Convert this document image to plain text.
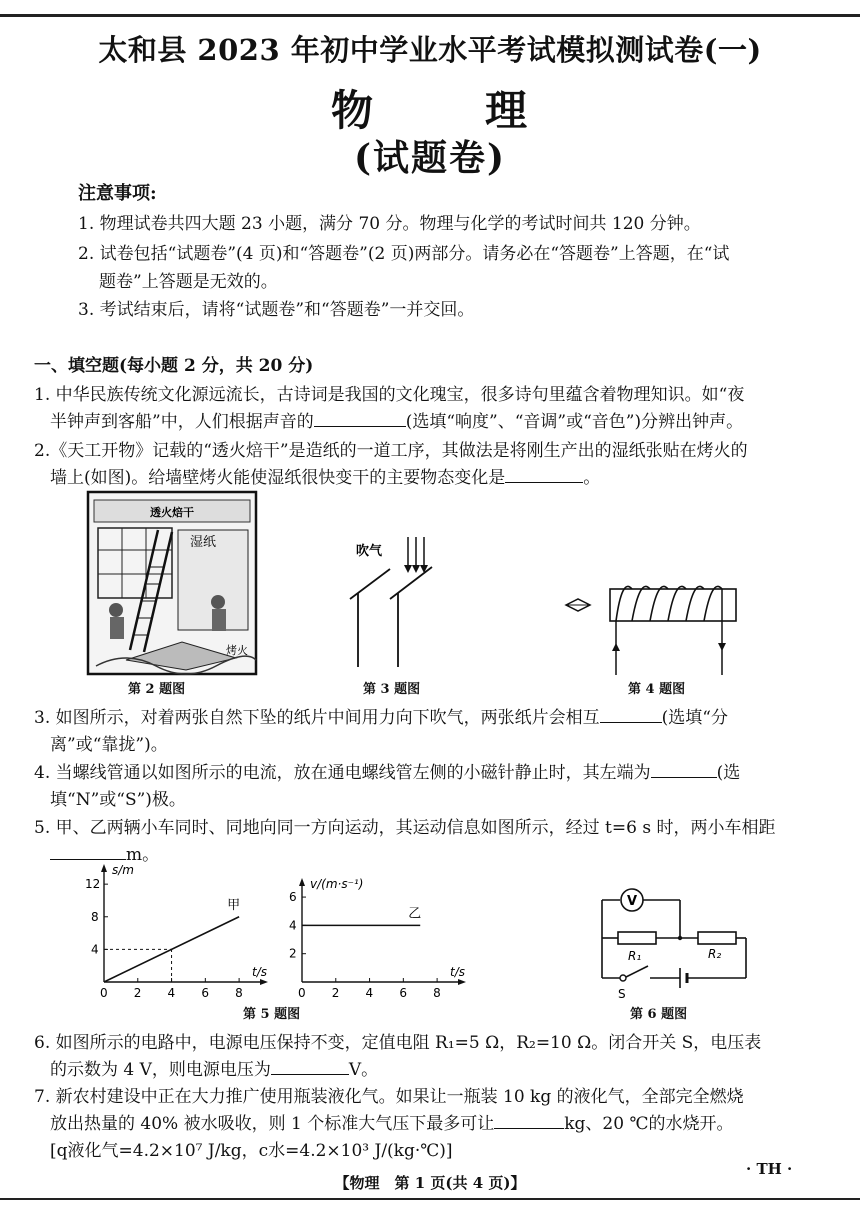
太和县 2023 年初中学业水平考试模拟测试卷(一)
物	理
(试题卷)
注意事项:
1. 物理试卷共四大题 23 小题，满分 70 分。物理与化学的考试时间共 120 分钟。
2. 试卷包括“试题卷”(4 页)和“答题卷”(2 页)两部分。请务必在“答题卷”上答题，在“试
题卷”上答题是无效的。
3. 考试结束后，请将“试题卷”和“答题卷”一并交回。
一、填空题(每小题 2 分，共 20 分)
1. 中华民族传统文化源远流长，古诗词是我国的文化瑰宝，很多诗句里蕴含着物理知识。如“夜
半钟声到客船”中，人们根据声音的	(选填“响度”、“音调”或“音色”)分辨出钟声。
2.《天工开物》记载的“透火焙干”是造纸的一道工序，其做法是将刚生产出的湿纸张贴在烤火的
墙上(如图)。给墙壁烤火能使湿纸很快变干的主要物态变化是	。
透火焙干
湿纸
烤火
第 2 题图
吹气
第 3 题图	第 4 题图
3. 如图所示，对着两张自然下坠的纸片中间用力向下吹气，两张纸片会相互	(选填“分
离”或“靠拢”)。
4. 当螺线管通以如图所示的电流，放在通电螺线管左侧的小磁针静止时，其左端为	(选
填“N”或“S”)极。
5. 甲、乙两辆小车同时、同地向同一方向运动，其运动信息如图所示，经过 t=6 s 时，两小车相距
m。
0 2 4 6 8
4
8
12
t/s
s/m
甲
0 2 4 6 8
2
4
6
t/s
v/(m·s⁻¹)
乙
第 5 题图
V
R₁	R₂
S
第 6 题图
6. 如图所示的电路中，电源电压保持不变，定值电阻 R₁=5 Ω，R₂=10 Ω。闭合开关 S，电压表
的示数为 4 V，则电源电压为	V。
7. 新农村建设中正在大力推广使用瓶装液化气。如果让一瓶装 10 kg 的液化气，全部完全燃烧
放出热量的 40% 被水吸收，则 1 个标准大气压下最多可让	kg、20 ℃的水烧开。
[q液化气=4.2×10⁷ J/kg，c水=4.2×10³ J/(kg·℃)]
【物理　第 1 页(共 4 页)】
· TH ·
